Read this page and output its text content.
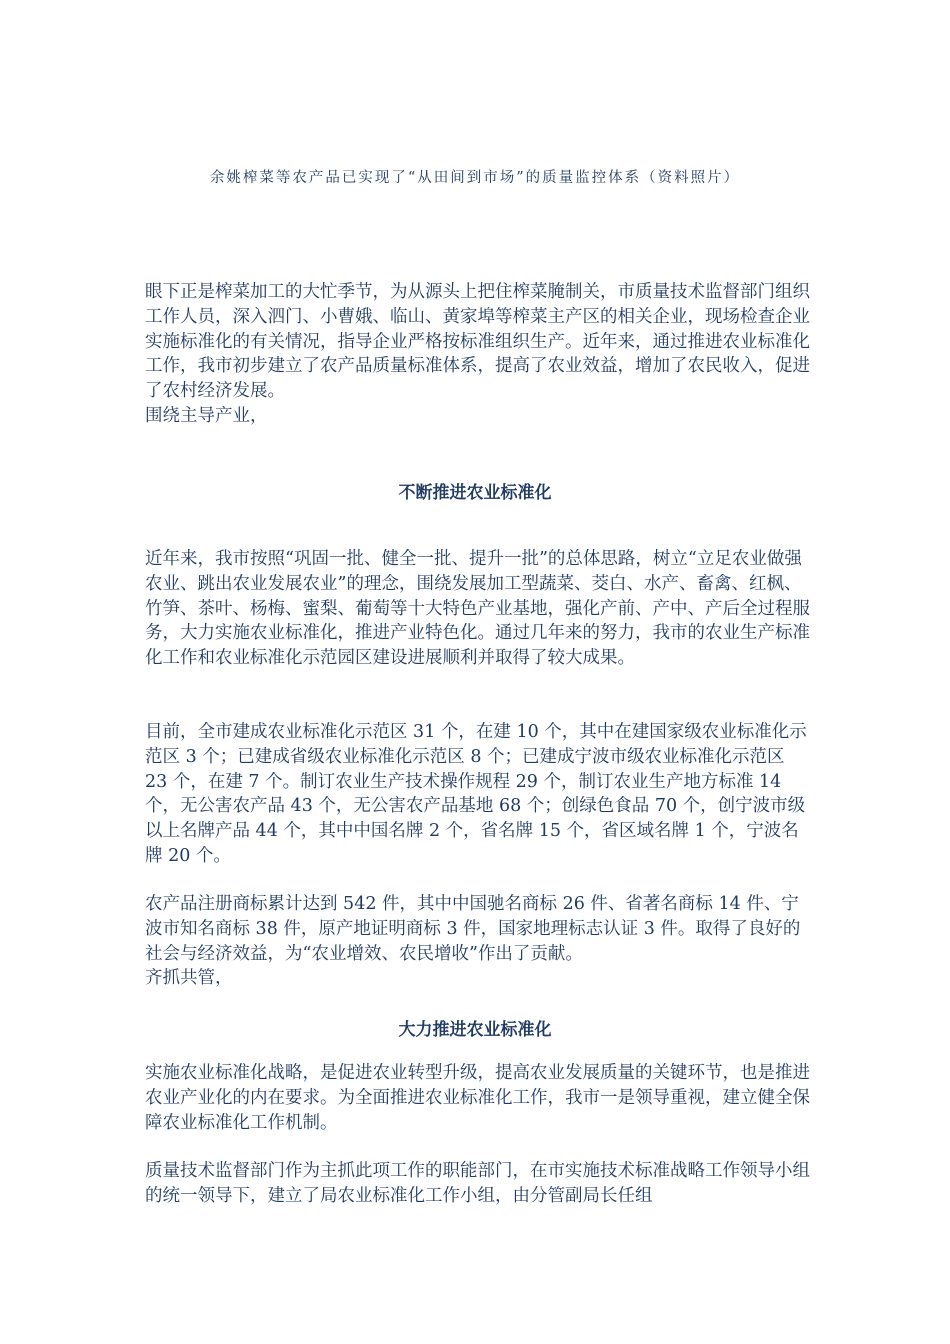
余姚榨菜等农产品已实现了“从田间到市场”的质量监控体系（资料照片）

眼下正是榨菜加工的大忙季节，为从源头上把住榨菜腌制关，市质量技术监督部门组织工作人员，深入泗门、小曹娥、临山、黄家埠等榨菜主产区的相关企业，现场检查企业实施标准化的有关情况，指导企业严格按标准组织生产。近年来，通过推进农业标准化工作，我市初步建立了农产品质量标准体系，提高了农业效益，增加了农民收入，促进了农村经济发展。

围绕主导产业，

不断推进农业标准化

近年来，我市按照“巩固一批、健全一批、提升一批”的总体思路，树立“立足农业做强农业、跳出农业发展农业”的理念，围绕发展加工型蔬菜、茭白、水产、畜禽、红枫、竹笋、茶叶、杨梅、蜜梨、葡萄等十大特色产业基地，强化产前、产中、产后全过程服务，大力实施农业标准化，推进产业特色化。通过几年来的努力，我市的农业生产标准化工作和农业标准化示范园区建设进展顺利并取得了较大成果。

目前，全市建成农业标准化示范区 31 个，在建 10 个，其中在建国家级农业标准化示范区 3 个；已建成省级农业标准化示范区 8 个；已建成宁波市级农业标准化示范区 23 个，在建 7 个。制订农业生产技术操作规程 29 个，制订农业生产地方标准 14 个，无公害农产品 43 个，无公害农产品基地 68 个；创绿色食品 70 个，创宁波市级以上名牌产品 44 个，其中中国名牌 2 个，省名牌 15 个，省区域名牌 1 个，宁波名牌 20 个。

农产品注册商标累计达到 542 件，其中中国驰名商标 26 件、省著名商标 14 件、宁波市知名商标 38 件，原产地证明商标 3 件，国家地理标志认证 3 件。取得了良好的社会与经济效益，为“农业增效、农民增收”作出了贡献。

齐抓共管，

大力推进农业标准化

实施农业标准化战略，是促进农业转型升级，提高农业发展质量的关键环节，也是推进农业产业化的内在要求。为全面推进农业标准化工作，我市一是领导重视，建立健全保障农业标准化工作机制。

质量技术监督部门作为主抓此项工作的职能部门，在市实施技术标准战略工作领导小组的统一领导下，建立了局农业标准化工作小组，由分管副局长任组
